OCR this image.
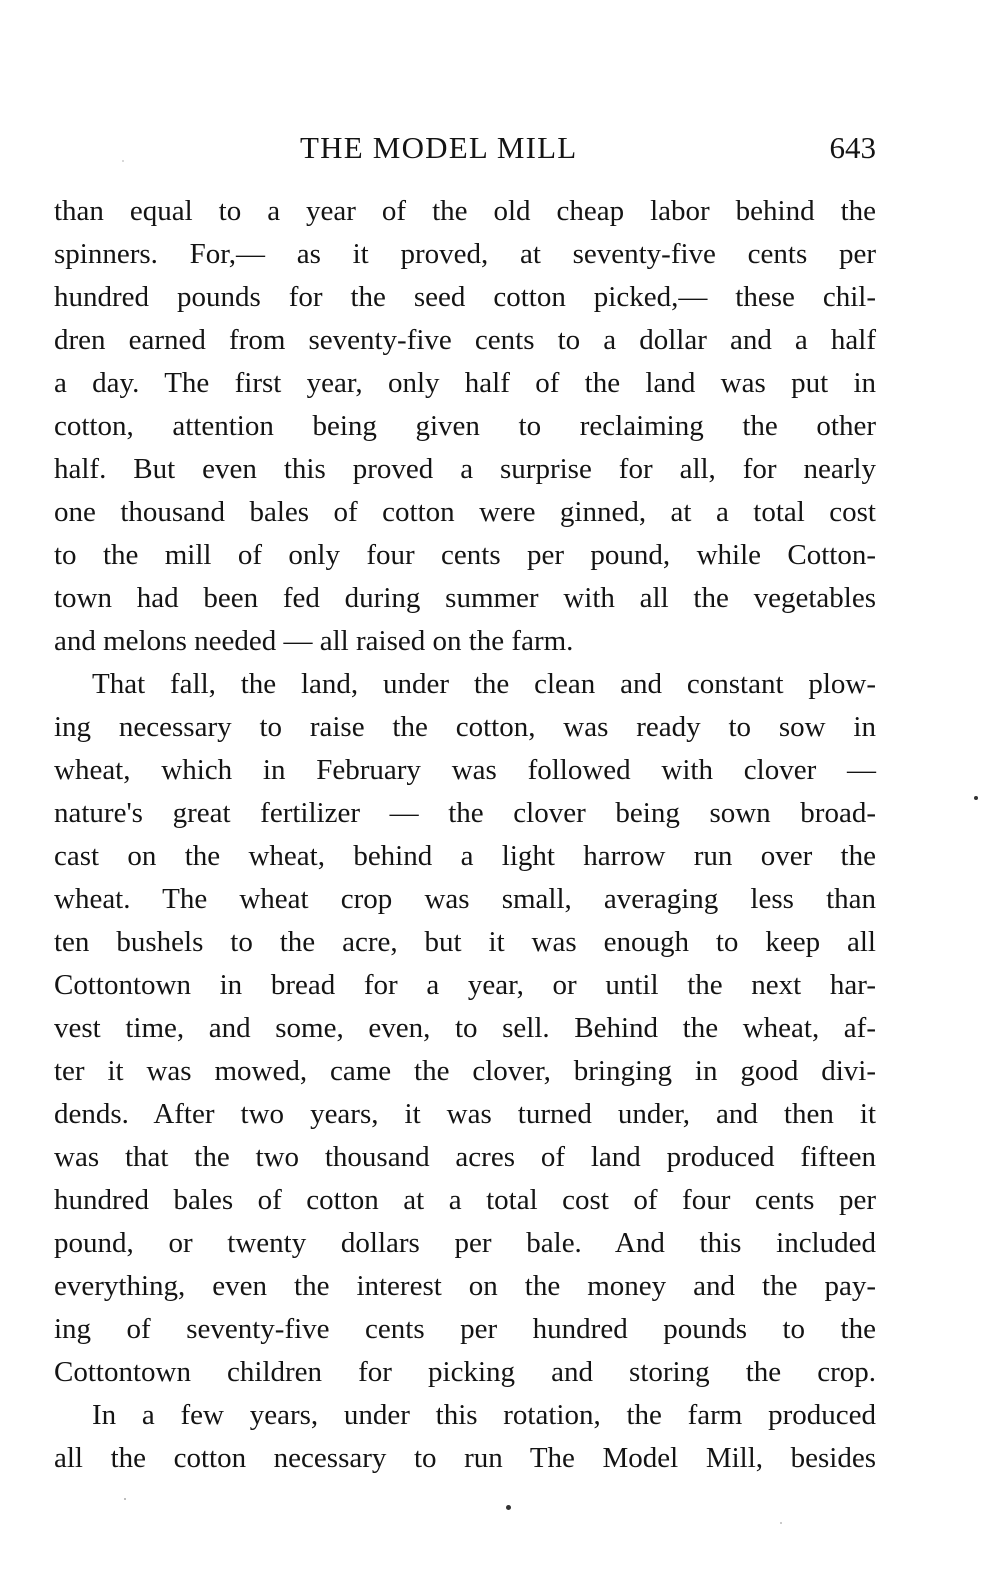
THE MODEL MILL	643
than equal to a year of the old cheap labor behind the
spinners. For,— as it proved, at seventy-five cents per
hundred pounds for the seed cotton picked,— these chil-
dren earned from seventy-five cents to a dollar and a half
a day. The first year, only half of the land was put in
cotton, attention being given to reclaiming the other
half. But even this proved a surprise for all, for nearly
one thousand bales of cotton were ginned, at a total cost
to the mill of only four cents per pound, while Cotton-
town had been fed during summer with all the vegetables
and melons needed — all raised on the farm.
That fall, the land, under the clean and constant plow-
ing necessary to raise the cotton, was ready to sow in
wheat, which in February was followed with clover —
nature's great fertilizer — the clover being sown broad-
cast on the wheat, behind a light harrow run over the
wheat. The wheat crop was small, averaging less than
ten bushels to the acre, but it was enough to keep all
Cottontown in bread for a year, or until the next har-
vest time, and some, even, to sell. Behind the wheat, af-
ter it was mowed, came the clover, bringing in good divi-
dends. After two years, it was turned under, and then it
was that the two thousand acres of land produced fifteen
hundred bales of cotton at a total cost of four cents per
pound, or twenty dollars per bale. And this included
everything, even the interest on the money and the pay-
ing of seventy-five cents per hundred pounds to the
Cottontown children for picking and storing the crop.
In a few years, under this rotation, the farm produced
all the cotton necessary to run The Model Mill, besides
